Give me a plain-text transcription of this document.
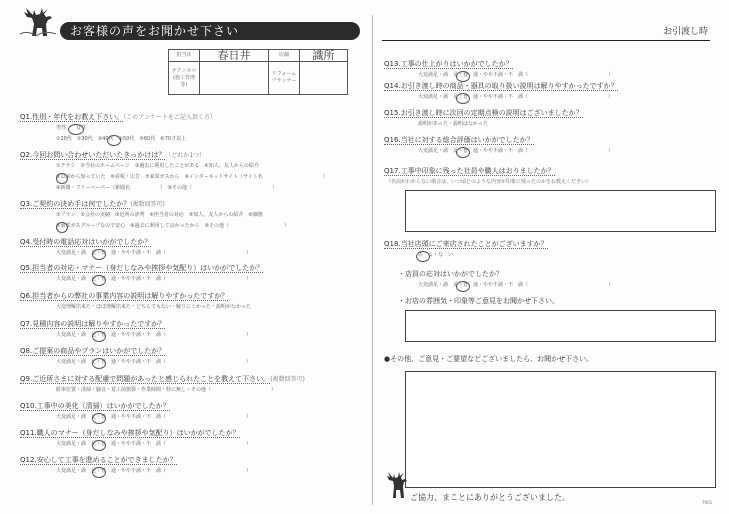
お客様の声をお聞かせ下さい	お引渡し時
担当店	春日井	店舗	識所
テクニカル (施工管理等)		リフォーム プランナー	
Q1.性別・年代をお教え下さい。（このアンケートをご記入頂く方）
男性　　女性
①20代　②30代　③40代　④50代　⑤60代　⑥70才以上
Q2.今回お問い合わせいただいたきっかけは？（どれか1つ）
①チラシ　②当社のホームページ　③過去に利用したことがある　④知人、友人からの紹介
⑤以前から知っていた　⑥看板・広告　⑦家周ガスから　⑧インターネットサイト（サイト名　　　　　　　　　　　　）
⑨新聞・フリーペーパー（新聞名　　　　　　）　⑩その他（　　　　　　　　　　　　　　　　）
Q3.ご契約の決め手は何でしたか？(複数回答可)
①プラン　②会社の実績　③近所の評判　④担当者の対応　⑤知人、友人からの紹介　⑥価格
⑦東邦ガスグループなので安心　⑧過去に利用して良かったから　⑨その他（　　　　　　　　　　　）
Q4.受付時の電話応対はいかがでしたか？
大変満足・満　足・普　通・やや不満・不　満（　　　　　　　　　　　　　　　　）
Q5.担当者の対応・マナー（身だしなみや挨拶や気配り）はいかがでしたか？
大変満足・満　足・普　通・やや不満・不　満（　　　　　　　　　　　　　　　　）
Q6.担当者からの弊社の事業内容の説明は解りやすかったですか？
大変理解出来た・ほぼ理解出来た・どちらでもない・解りにくかった・説明がなかった
Q7.見積内容の説明は解りやすかったですか？
大変満足・満　足・普　通・やや不満・不　満（　　　　　　　　　　　　　　　　）
Q8.ご提案の商品やプランはいかがでしたか？
大変満足・満　足・普　通・やや不満・不　満（　　　　　　　　　　　　　　　　）
Q9.ご近所さまに対する配慮で問題があったと感じられたことを教えて下さい。(複数回答可)
駐車位置・清掃・騒音・着工前挨拶・作業時間・特に無し・その他（　　　　　　　　　　　　）
Q10.工事中の美化（清掃）はいかがでしたか？
大変満足・満　足・普　通・やや不満・不　満（　　　　　　　　　　　　　　　　）
Q11.職人のマナー（身だしなみや挨拶や気配り）はいかがでしたか？
大変満足・満　足・普　通・やや不満・不　満（　　　　　　　　　　　　　　　　）
Q12.安心して工事を進めることができましたか？
大変満足・満　足・普　通・やや不満・不　満（　　　　　　　　　　　　　　　　）
Q13.工事の仕上がりはいかがでしたか？
大変満足・満　足・普　通・やや不満・不　満（　　　　　　　　　　　　　　　　）
Q14.お引き渡し時の商品・器具の取り扱い説明は解りやすかったですか？
大変満足・満　足・普　通・やや不満・不　満（　　　　　　　　　　　　　　　　）
Q15.お引き渡し時に次回の定期点検の説明はございましたか？
説明があった・説明はなかった
Q16.当社に対する総合評価はいかがでしたか？
大変満足・満　足・普　通・やや不満・不　満（　　　　　　　　　　　　　　　　）
Q17.工事中印象に残った社員や職人はおりましたか？
（名前がわからない場合は、いつ頃どのような内容が印象に残ったのかをお教えください）
Q18.当社店頭にご来店されたことがございますか？
あ　る・な　い
・店員の応対はいかがでしたか？
大変満足・満　足・普　通・やや不満・不　満（　　　　　　　　　　　　　　　　）
・お店の雰囲気・印象等ご意見をお聞かせ下さい。
●その他、ご意見・ご要望などございましたら、お聞かせ下さい。
ご協力、まことにありがとうございました。
7901
